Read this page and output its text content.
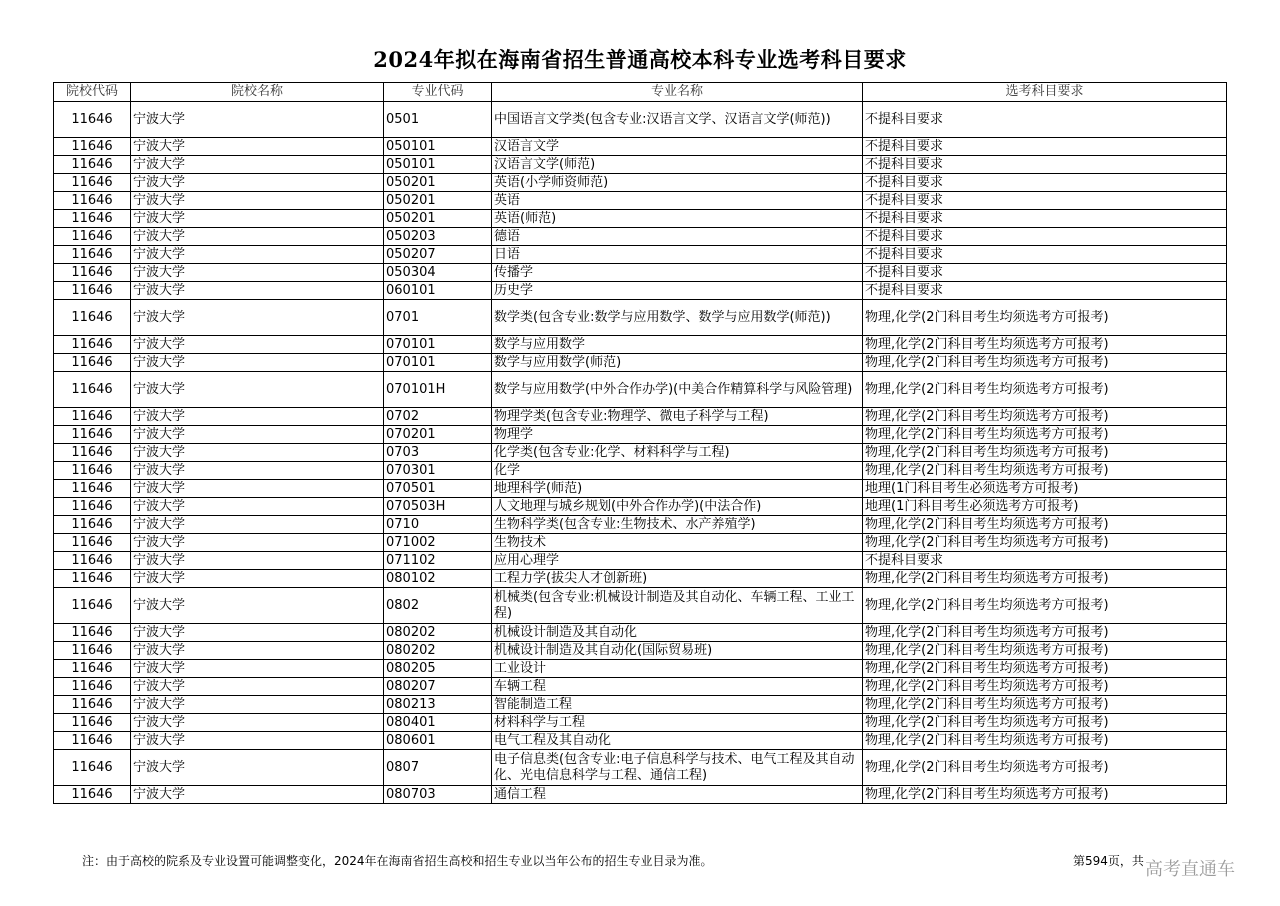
2024年拟在海南省招生普通高校本科专业选考科目要求
院校代码	院校名称	专业代码	专业名称	选考科目要求
11646	宁波大学	0501	中国语言文学类(包含专业:汉语言文学、汉语言文学(师范))	不提科目要求
11646	宁波大学	050101	汉语言文学	不提科目要求
11646	宁波大学	050101	汉语言文学(师范)	不提科目要求
11646	宁波大学	050201	英语(小学师资师范)	不提科目要求
11646	宁波大学	050201	英语	不提科目要求
11646	宁波大学	050201	英语(师范)	不提科目要求
11646	宁波大学	050203	德语	不提科目要求
11646	宁波大学	050207	日语	不提科目要求
11646	宁波大学	050304	传播学	不提科目要求
11646	宁波大学	060101	历史学	不提科目要求
11646	宁波大学	0701	数学类(包含专业:数学与应用数学、数学与应用数学(师范))	物理,化学(2门科目考生均须选考方可报考)
11646	宁波大学	070101	数学与应用数学	物理,化学(2门科目考生均须选考方可报考)
11646	宁波大学	070101	数学与应用数学(师范)	物理,化学(2门科目考生均须选考方可报考)
11646	宁波大学	070101H	数学与应用数学(中外合作办学)(中美合作精算科学与风险管理)	物理,化学(2门科目考生均须选考方可报考)
11646	宁波大学	0702	物理学类(包含专业:物理学、微电子科学与工程)	物理,化学(2门科目考生均须选考方可报考)
11646	宁波大学	070201	物理学	物理,化学(2门科目考生均须选考方可报考)
11646	宁波大学	0703	化学类(包含专业:化学、材料科学与工程)	物理,化学(2门科目考生均须选考方可报考)
11646	宁波大学	070301	化学	物理,化学(2门科目考生均须选考方可报考)
11646	宁波大学	070501	地理科学(师范)	地理(1门科目考生必须选考方可报考)
11646	宁波大学	070503H	人文地理与城乡规划(中外合作办学)(中法合作)	地理(1门科目考生必须选考方可报考)
11646	宁波大学	0710	生物科学类(包含专业:生物技术、水产养殖学)	物理,化学(2门科目考生均须选考方可报考)
11646	宁波大学	071002	生物技术	物理,化学(2门科目考生均须选考方可报考)
11646	宁波大学	071102	应用心理学	不提科目要求
11646	宁波大学	080102	工程力学(拔尖人才创新班)	物理,化学(2门科目考生均须选考方可报考)
11646	宁波大学	0802	机械类(包含专业:机械设计制造及其自动化、车辆工程、工业工程)	物理,化学(2门科目考生均须选考方可报考)
11646	宁波大学	080202	机械设计制造及其自动化	物理,化学(2门科目考生均须选考方可报考)
11646	宁波大学	080202	机械设计制造及其自动化(国际贸易班)	物理,化学(2门科目考生均须选考方可报考)
11646	宁波大学	080205	工业设计	物理,化学(2门科目考生均须选考方可报考)
11646	宁波大学	080207	车辆工程	物理,化学(2门科目考生均须选考方可报考)
11646	宁波大学	080213	智能制造工程	物理,化学(2门科目考生均须选考方可报考)
11646	宁波大学	080401	材料科学与工程	物理,化学(2门科目考生均须选考方可报考)
11646	宁波大学	080601	电气工程及其自动化	物理,化学(2门科目考生均须选考方可报考)
11646	宁波大学	0807	电子信息类(包含专业:电子信息科学与技术、电气工程及其自动化、光电信息科学与工程、通信工程)	物理,化学(2门科目考生均须选考方可报考)
11646	宁波大学	080703	通信工程	物理,化学(2门科目考生均须选考方可报考)
注：由于高校的院系及专业设置可能调整变化，2024年在海南省招生高校和招生专业以当年公布的招生专业目录为准。	第594页，共 高考直通车
